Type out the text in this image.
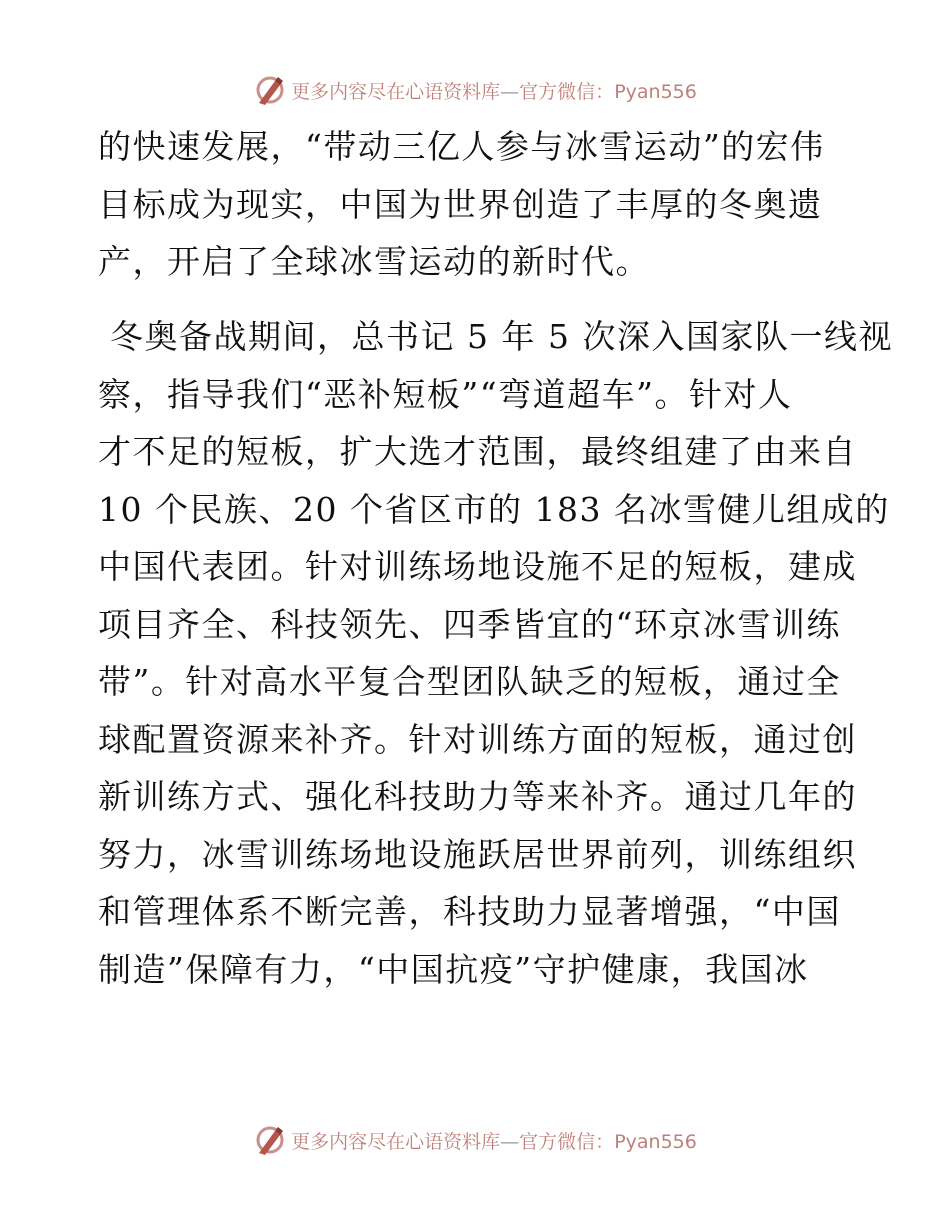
更多内容尽在心语资料库—官方微信：Pyan556
的快速发展，“带动三亿人参与冰雪运动”的宏伟
目标成为现实，中国为世界创造了丰厚的冬奥遗
产，开启了全球冰雪运动的新时代。
冬奥备战期间，总书记 5 年 5 次深入国家队一线视
察，指导我们“恶补短板”“弯道超车”。针对人
才不足的短板，扩大选才范围，最终组建了由来自
10 个民族、20 个省区市的 183 名冰雪健儿组成的
中国代表团。针对训练场地设施不足的短板，建成
项目齐全、科技领先、四季皆宜的“环京冰雪训练
带”。针对高水平复合型团队缺乏的短板，通过全
球配置资源来补齐。针对训练方面的短板，通过创
新训练方式、强化科技助力等来补齐。通过几年的
努力，冰雪训练场地设施跃居世界前列，训练组织
和管理体系不断完善，科技助力显著增强，“中国
制造”保障有力，“中国抗疫”守护健康，我国冰
更多内容尽在心语资料库—官方微信：Pyan556
